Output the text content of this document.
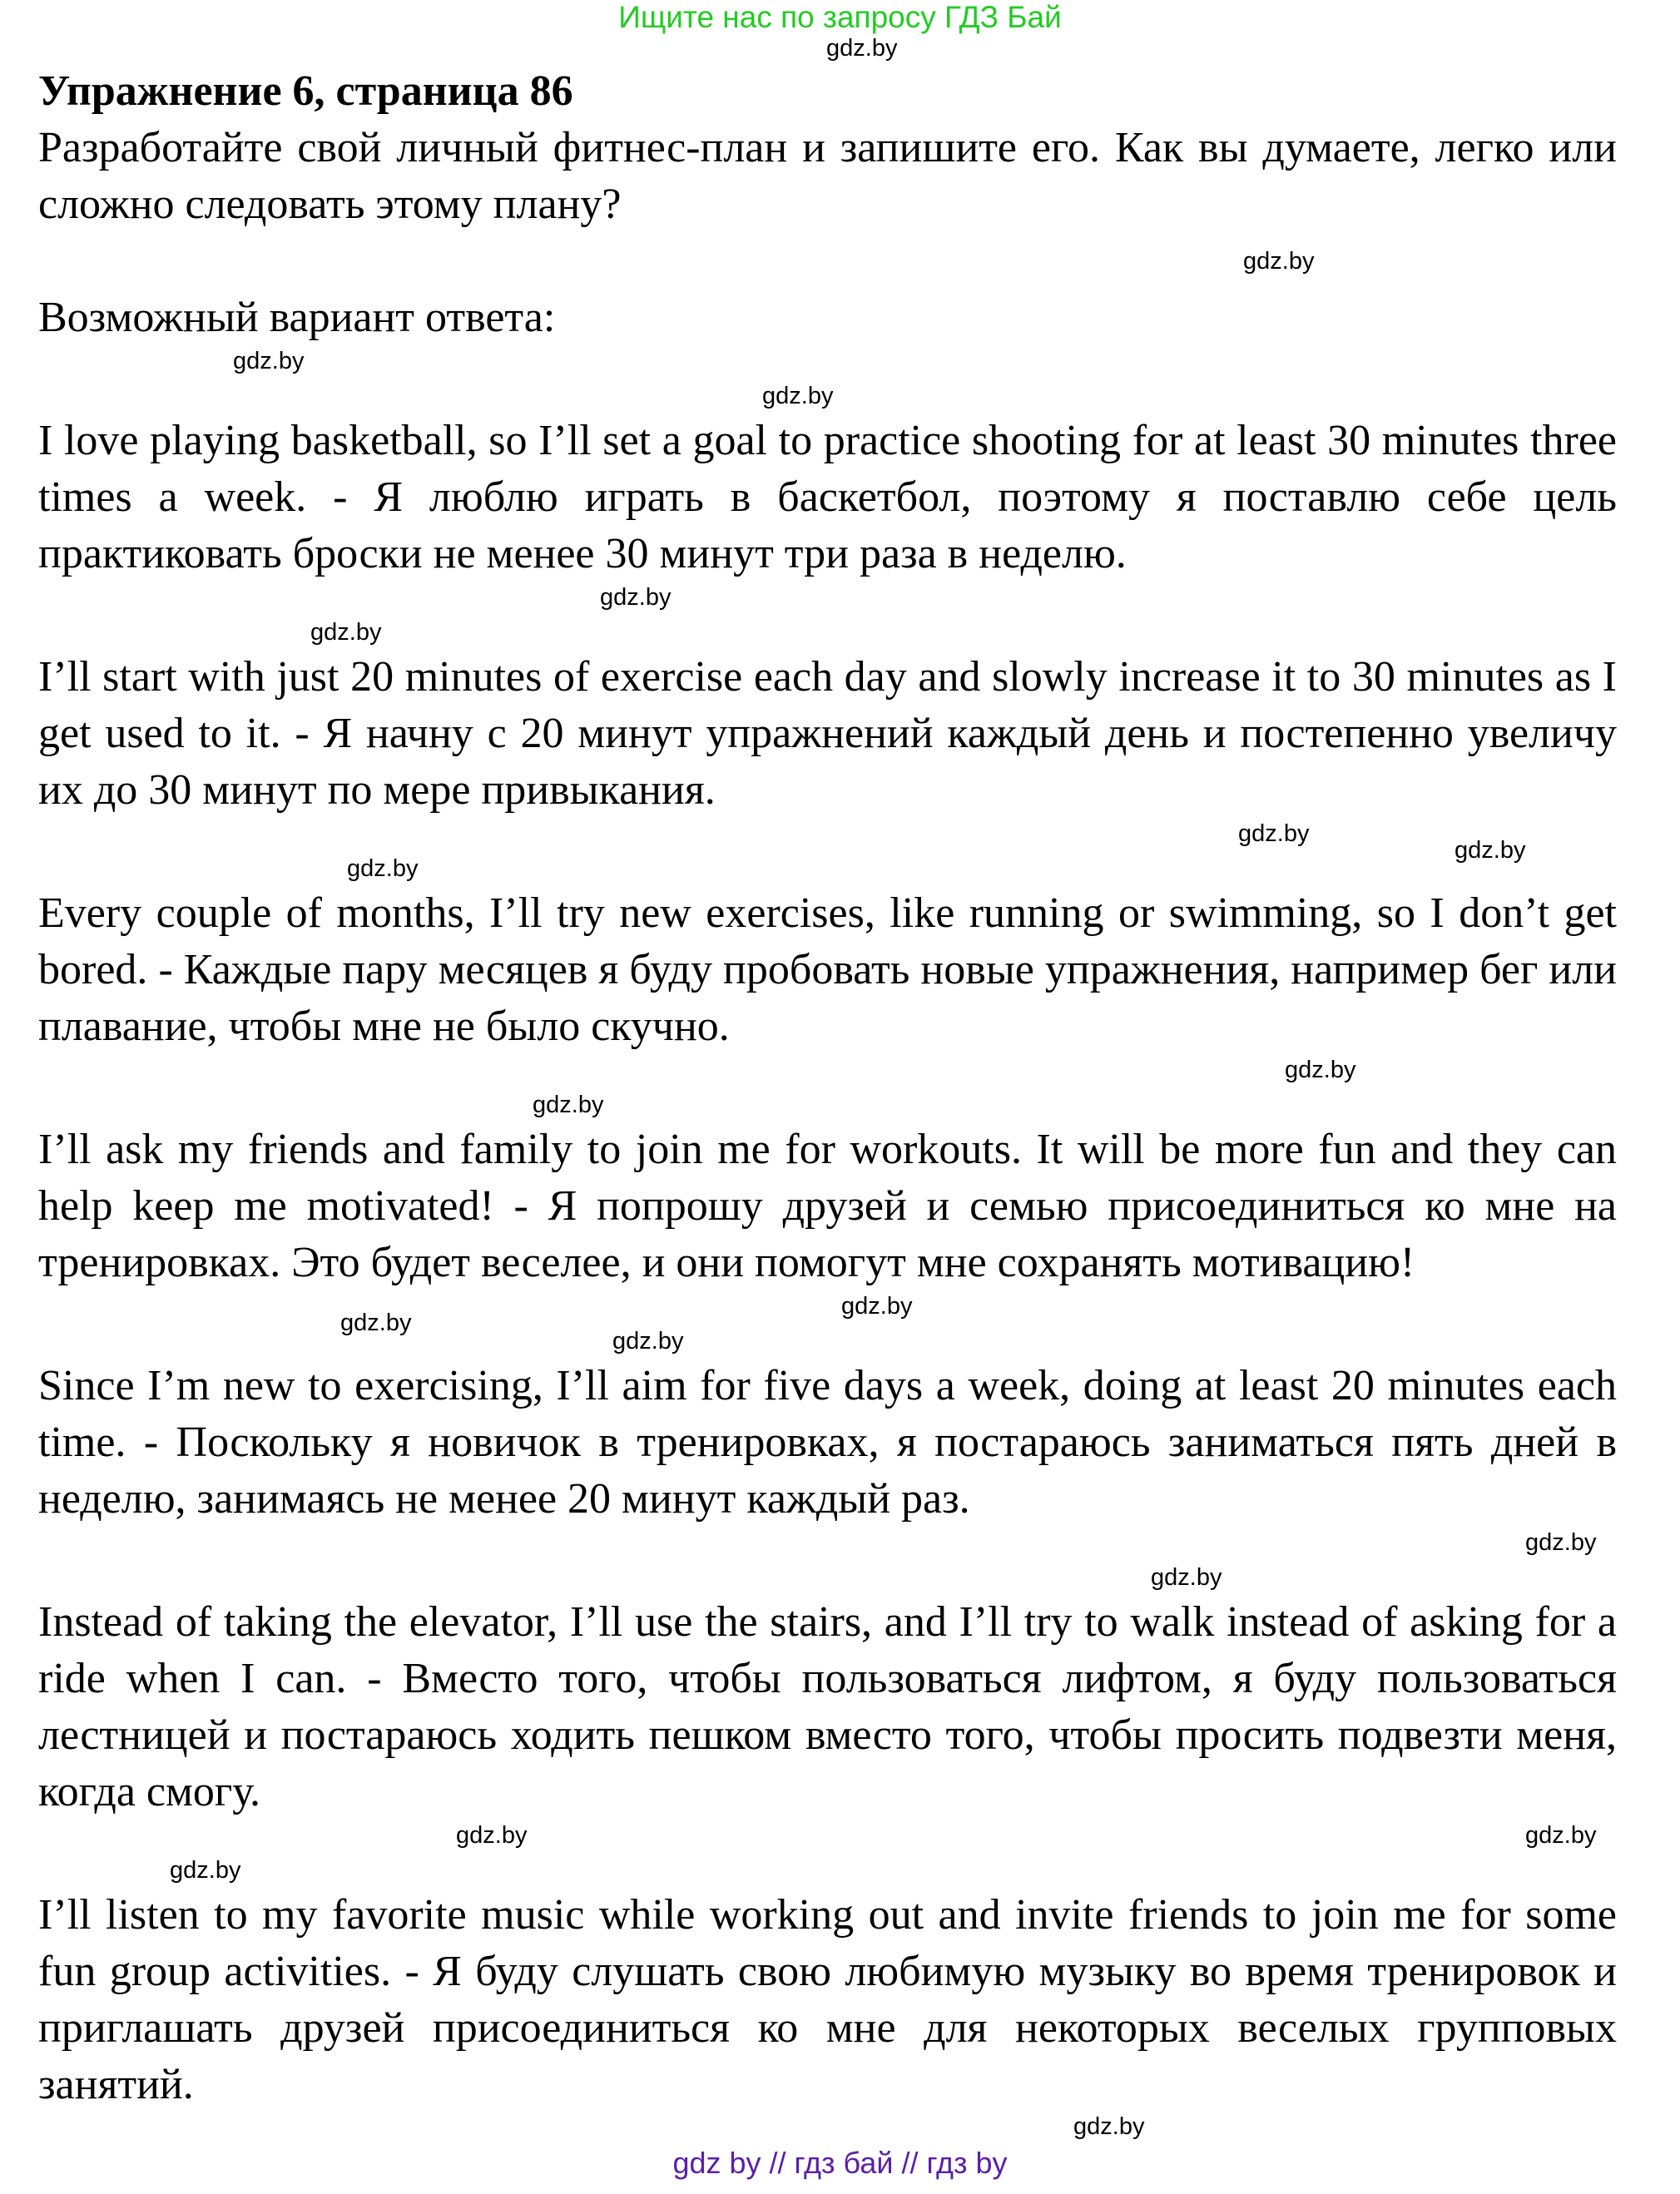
Ищите нас по запросу ГДЗ Бай
gdz.by
Упражнение 6, страница 86

Разработайте свой личный фитнес-план и запишите его. Как вы думаете, легко или сложно следовать этому плану?

gdz.by

Возможный вариант ответа:

gdz.by
gdz.by

I love playing basketball, so I’ll set a goal to practice shooting for at least 30 minutes three times a week. - Я люблю играть в баскетбол, поэтому я поставлю себе цель практиковать броски не менее 30 минут три раза в неделю.

gdz.by
gdz.by

I’ll start with just 20 minutes of exercise each day and slowly increase it to 30 minutes as I get used to it. - Я начну с 20 минут упражнений каждый день и постепенно увеличу их до 30 минут по мере привыкания.

gdz.by
gdz.by
gdz.by

Every couple of months, I’ll try new exercises, like running or swimming, so I don’t get bored. - Каждые пару месяцев я буду пробовать новые упражнения, например бег или плавание, чтобы мне не было скучно.

gdz.by
gdz.by

I’ll ask my friends and family to join me for workouts. It will be more fun and they can help keep me motivated! - Я попрошу друзей и семью присоединиться ко мне на тренировках. Это будет веселее, и они помогут мне сохранять мотивацию!

gdz.by
gdz.by
gdz.by

Since I’m new to exercising, I’ll aim for five days a week, doing at least 20 minutes each time. - Поскольку я новичок в тренировках, я постараюсь заниматься пять дней в неделю, занимаясь не менее 20 минут каждый раз.

gdz.by
gdz.by

Instead of taking the elevator, I’ll use the stairs, and I’ll try to walk instead of asking for a ride when I can. - Вместо того, чтобы пользоваться лифтом, я буду пользоваться лестницей и постараюсь ходить пешком вместо того, чтобы просить подвезти меня, когда смогу.

gdz.by
gdz.by
gdz.by

I’ll listen to my favorite music while working out and invite friends to join me for some fun group activities. - Я буду слушать свою любимую музыку во время тренировок и приглашать друзей присоединиться ко мне для некоторых веселых групповых занятий.

gdz.by
gdz by // гдз бай // гдз by
